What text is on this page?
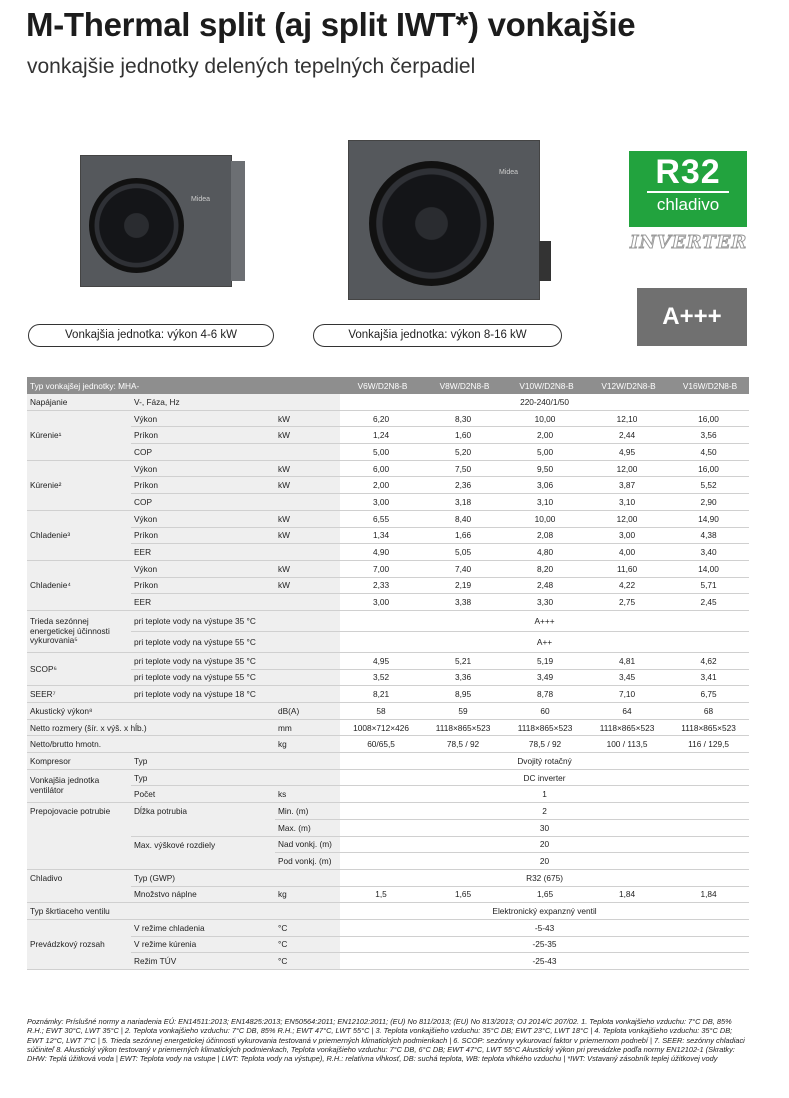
M-Thermal split (aj split IWT*) vonkajšie
vonkajšie jednotky delených tepelných čerpadiel
Midea
Midea	R32
chladivo
INVERTER
A+++
Vonkajšia jednotka: výkon 4-6 kW	Vonkajšia jednotka: výkon 8-16 kW
Typ vonkajšej jednotky: MHA-			V6W/D2N8-B	V8W/D2N8-B	V10W/D2N8-B	V12W/D2N8-B	V16W/D2N8-B
Napájanie	V-, Fáza, Hz		220-240/1/50				
Kúrenie¹	Výkon	kW	6,20	8,30	10,00	12,10	16,00
	Príkon	kW	1,24	1,60	2,00	2,44	3,56
	COP		5,00	5,20	5,00	4,95	4,50
Kúrenie²	Výkon	kW	6,00	7,50	9,50	12,00	16,00
	Príkon	kW	2,00	2,36	3,06	3,87	5,52
	COP		3,00	3,18	3,10	3,10	2,90
Chladenie³	Výkon	kW	6,55	8,40	10,00	12,00	14,90
	Príkon	kW	1,34	1,66	2,08	3,00	4,38
	EER		4,90	5,05	4,80	4,00	3,40
Chladenie⁴	Výkon	kW	7,00	7,40	8,20	11,60	14,00
	Príkon	kW	2,33	2,19	2,48	4,22	5,71
	EER		3,00	3,38	3,30	2,75	2,45
Trieda sezónnej energetickej účinnosti vykurovania⁵	pri teplote vody na výstupe 35 °C		A+++				
	pri teplote vody na výstupe 55 °C		A++				
SCOP⁶	pri teplote vody na výstupe 35 °C		4,95	5,21	5,19	4,81	4,62
	pri teplote vody na výstupe 55 °C		3,52	3,36	3,49	3,45	3,41
SEER⁷	pri teplote vody na výstupe 18 °C		8,21	8,95	8,78	7,10	6,75
Akustický výkon⁸		dB(A)	58	59	60	64	68
Netto rozmery (šír. x výš. x hĺb.)		mm	1008×712×426	1118×865×523	1118×865×523	1118×865×523	1118×865×523
Netto/brutto hmotn.		kg	60/65,5	78,5 / 92	78,5 / 92	100 / 113,5	116 / 129,5
Kompresor	Typ		Dvojitý rotačný				
Vonkajšia jednotka ventilátor	Typ		DC inverter				
	Počet	ks	1				
Prepojovacie potrubie	Dĺžka potrubia	Min. (m)	2				
		Max. (m)	30				
	Max. výškové rozdiely	Nad vonkj. (m)	20				
		Pod vonkj. (m)	20				
Chladivo	Typ (GWP)		R32 (675)				
	Množstvo náplne	kg	1,5	1,65	1,65	1,84	1,84
Typ škrtiaceho ventilu			Elektronický expanzný ventil				
Prevádzkový rozsah	V režime chladenia	°C	-5-43				
	V režime kúrenia	°C	-25-35				
	Režim TÚV	°C	-25-43				
Poznámky: Príslušné normy a nariadenia EÚ: EN14511:2013; EN14825:2013; EN50564:2011; EN12102:2011; (EU) No 811/2013; (EU) No 813/2013; OJ 2014/C 207/02. 1. Teplota vonkajšieho vzduchu: 7°C DB, 85% R.H.; EWT 30°C, LWT 35°C | 2. Teplota vonkajšieho vzduchu: 7°C DB, 85% R.H.; EWT 47°C, LWT 55°C | 3. Teplota vonkajšieho vzduchu: 35°C DB; EWT 23°C, LWT 18°C | 4. Teplota vonkajšieho vzduchu: 35°C DB; EWT 12°C, LWT 7°C | 5. Trieda sezónnej energetickej účinnosti vykurovania testovaná v priemerných klimatických podmienkach | 6. SCOP: sezónny vykurovací faktor v priemernom podnebí | 7. SEER: sezónny chladiaci súčiniteľ 8. Akustický výkon testovaný v priemerných klimatických podmienkach, Teplota vonkajšieho vzduchu: 7°C DB, 6°C DB; EWT 47°C, LWT 55°C Akustický výkon pri prevádzke podľa normy EN12102-1 (Skratky: DHW: Teplá úžitková voda | EWT: Teplota vody na vstupe | LWT: Teplota vody na výstupe), R.H.: relatívna vlhkosť, DB: suchá teplota, WB: teplota vlhkého vzduchu | *IWT: Vstavaný zásobník teplej úžitkovej vody
